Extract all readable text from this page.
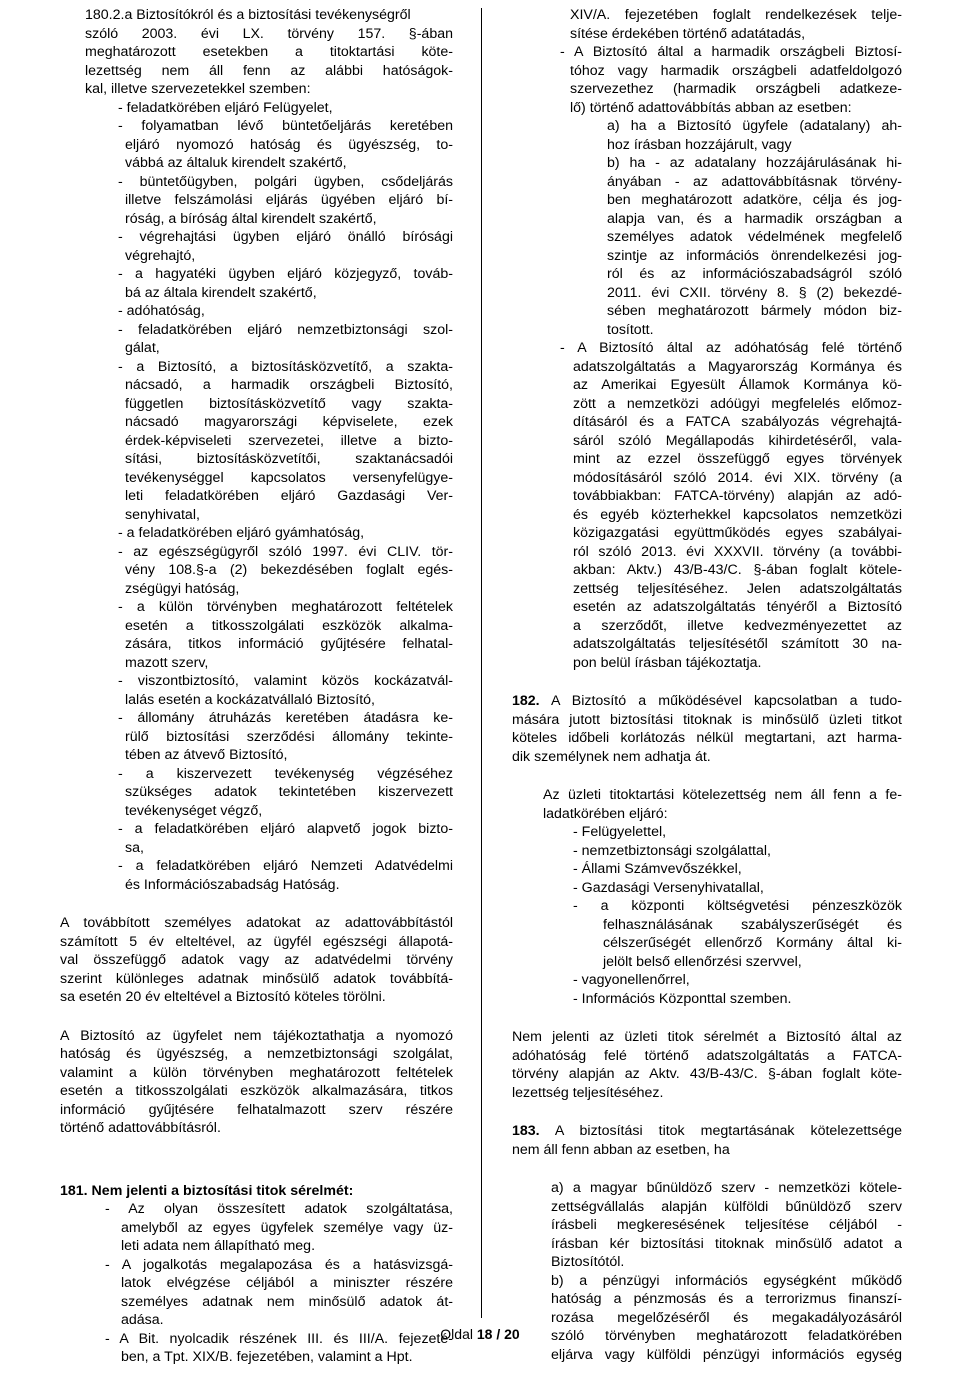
180.2.a Biztosítókról és a biztosítási tevékenységről
szóló 2003. évi LX. törvény 157. §-ában
meghatározott esetekben a titoktartási köte-
lezettség nem áll fenn az alábbi hatóságok-
kal, illetve szervezetekkel szemben:
- feladatkörében eljáró Felügyelet,
- folyamatban lévő büntetőeljárás keretében
eljáró nyomozó hatóság és ügyészség, to-
vábbá az általuk kirendelt szakértő,
- büntetőügyben, polgári ügyben, csődeljárás
illetve felszámolási eljárás ügyében eljáró bí-
róság, a bíróság által kirendelt szakértő,
- végrehajtási ügyben eljáró önálló bírósági
végrehajtó,
- a hagyatéki ügyben eljáró közjegyző, továb-
bá az általa kirendelt szakértő,
- adóhatóság,
- feladatkörében eljáró nemzetbiztonsági szol-
gálat,
- a Biztosító, a biztosításközvetítő, a szakta-
nácsadó, a harmadik országbeli Biztosító,
független biztosításközvetítő vagy szakta-
nácsadó magyarországi képviselete, ezek
érdek-képviseleti szervezetei, illetve a bizto-
sítási, biztosításközvetítői, szaktanácsadói
tevékenységgel kapcsolatos versenyfelügye-
leti feladatkörében eljáró Gazdasági Ver-
senyhivatal,
- a feladatkörében eljáró gyámhatóság,
- az egészségügyről szóló 1997. évi CLIV. tör-
vény 108.§-a (2) bekezdésében foglalt egés-
zségügyi hatóság,
- a külön törvényben meghatározott feltételek
esetén a titkosszolgálati eszközök alkalma-
zására, titkos információ gyűjtésére felhatal-
mazott szerv,
- viszontbiztosító, valamint közös kockázatvál-
lalás esetén a kockázatvállaló Biztosító,
- állomány átruházás keretében átadásra ke-
rülő biztosítási szerződési állomány tekinte-
tében az átvevő Biztosító,
- a kiszervezett tevékenység végzéséhez
szükséges adatok tekintetében kiszervezett
tevékenységet végző,
- a feladatkörében eljáró alapvető jogok bizto-
sa,
- a feladatkörében eljáró Nemzeti Adatvédelmi
és Információszabadság Hatóság.
A továbbított személyes adatokat az adattovábbítástól
számított 5 év elteltével, az ügyfél egészségi állapotá-
val összefüggő adatok vagy az adatvédelmi törvény
szerint különleges adatnak minősülő adatok továbbítá-
sa esetén 20 év elteltével a Biztosító köteles törölni.
A Biztosító az ügyfelet nem tájékoztathatja a nyomozó
hatóság és ügyészség, a nemzetbiztonsági szolgálat,
valamint a külön törvényben meghatározott feltételek
esetén a titkosszolgálati eszközök alkalmazására, titkos
információ gyűjtésére felhatalmazott szerv részére
történő adattovábbításról.
181. Nem jelenti a biztosítási titok sérelmét:
- Az olyan összesített adatok szolgáltatása,
amelyből az egyes ügyfelek személye vagy üz-
leti adata nem állapítható meg.
- A jogalkotás megalapozása és a hatásvizsgá-
latok elvégzése céljából a miniszter részére
személyes adatnak nem minősülő adatok át-
adása.
- A Bit. nyolcadik részének III. és III/A. fejezeté-
ben, a Tpt. XIX/B. fejezetében, valamint a Hpt.
XIV/A. fejezetében foglalt rendelkezések telje-
sítése érdekében történő adatátadás,
- A Biztosító által a harmadik országbeli Biztosí-
tóhoz vagy harmadik országbeli adatfeldolgozó
szervezethez (harmadik országbeli adatkeze-
lő) történő adattovábbítás abban az esetben:
a) ha a Biztosító ügyfele (adatalany) ah-
hoz írásban hozzájárult, vagy
b) ha - az adatalany hozzájárulásának hi-
ányában - az adattovábbításnak törvény-
ben meghatározott adatköre, célja és jog-
alapja van, és a harmadik országban a
személyes adatok védelmének megfelelő
szintje az információs önrendelkezési jog-
ról és az információszabadságról szóló
2011. évi CXII. törvény 8. § (2) bekezdé-
sében meghatározott bármely módon biz-
tosított.
- A Biztosító által az adóhatóság felé történő
adatszolgáltatás a Magyarország Kormánya és
az Amerikai Egyesült Államok Kormánya kö-
zött a nemzetközi adóügyi megfelelés előmoz-
dításáról és a FATCA szabályozás végrehajtá-
sáról szóló Megállapodás kihirdetéséről, vala-
mint az ezzel összefüggő egyes törvények
módosításáról szóló 2014. évi XIX. törvény (a
továbbiakban: FATCA-törvény) alapján az adó-
és egyéb közterhekkel kapcsolatos nemzetközi
közigazgatási együttműködés egyes szabályai-
ról szóló 2013. évi XXXVII. törvény (a további-
akban: Aktv.) 43/B-43/C. §-ában foglalt kötele-
zettség teljesítéséhez. Jelen adatszolgáltatás
esetén az adatszolgáltatás tényéről a Biztosító
a szerződőt, illetve kedvezményezettet az
adatszolgáltatás teljesítésétől számított 30 na-
pon belül írásban tájékoztatja.
182. A Biztosító a működésével kapcsolatban a tudo-
mására jutott biztosítási titoknak is minősülő üzleti titkot
köteles időbeli korlátozás nélkül megtartani, azt harma-
dik személynek nem adhatja át.
Az üzleti titoktartási kötelezettség nem áll fenn a fe-
ladatkörében eljáró:
- Felügyelettel,
- nemzetbiztonsági szolgálattal,
- Állami Számvevőszékkel,
- Gazdasági Versenyhivatallal,
- a központi költségvetési pénzeszközök
felhasználásának szabályszerűségét és
célszerűségét ellenőrző Kormány által ki-
jelölt belső ellenőrzési szervvel,
- vagyonellenőrrel,
- Információs Központtal szemben.
Nem jelenti az üzleti titok sérelmét a Biztosító által az
adóhatóság felé történő adatszolgáltatás a FATCA-
törvény alapján az Aktv. 43/B-43/C. §-ában foglalt köte-
lezettség teljesítéséhez.
183. A biztosítási titok megtartásának kötelezettsége
nem áll fenn abban az esetben, ha
a) a magyar bűnüldöző szerv - nemzetközi kötele-
zettségvállalás alapján külföldi bűnüldöző szerv
írásbeli megkeresésének teljesítése céljából -
írásban kér biztosítási titoknak minősülő adatot a
Biztosítótól.
b) a pénzügyi információs egységként működő
hatóság a pénzmosás és a terrorizmus finanszí-
rozása megelőzéséről és megakadályozásáról
szóló törvényben meghatározott feladatkörében
eljárva vagy külföldi pénzügyi információs egység
Oldal 18 / 20
